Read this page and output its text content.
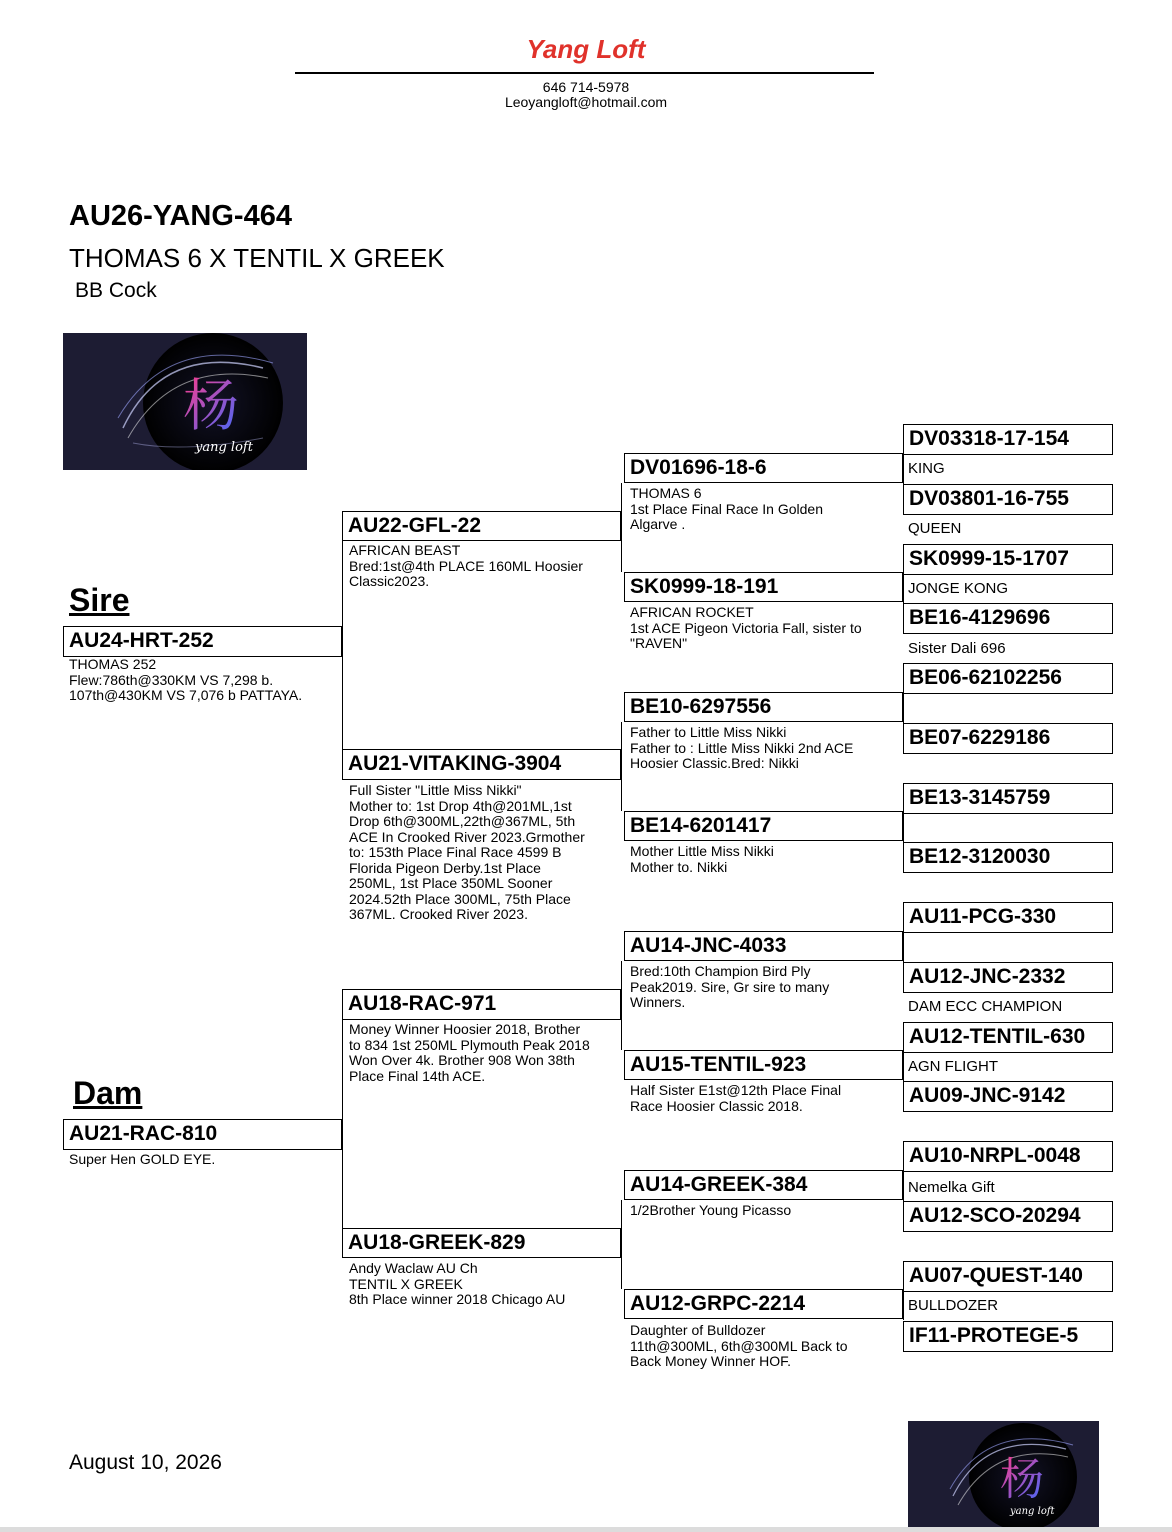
Yang Loft
646 714-5978
Leoyangloft@hotmail.com
AU26-YANG-464
THOMAS 6 X TENTIL X GREEK
BB Cock
杨
yang loft
Sire
Dam
AU24-HRT-252
THOMAS 252
Flew:786th@330KM VS 7,298 b.
107th@430KM VS 7,076 b PATTAYA.
AU21-RAC-810
Super Hen GOLD EYE.
AU22-GFL-22
AFRICAN BEAST
Bred:1st@4th PLACE 160ML Hoosier
Classic2023.
AU21-VITAKING-3904
Full Sister "Little Miss Nikki"
Mother to: 1st Drop 4th@201ML,1st
Drop 6th@300ML,22th@367ML, 5th
ACE In Crooked River 2023.Grmother
to: 153th Place Final Race 4599 B
Florida Pigeon Derby.1st Place
250ML, 1st Place 350ML Sooner
2024.52th Place 300ML, 75th Place
367ML. Crooked River 2023.
AU18-RAC-971
Money Winner Hoosier 2018, Brother
to 834 1st 250ML Plymouth Peak 2018
Won Over 4k. Brother 908 Won 38th
Place Final 14th ACE.
AU18-GREEK-829
Andy Waclaw AU Ch
TENTIL X GREEK
8th Place winner 2018 Chicago AU
DV01696-18-6
THOMAS 6
1st Place Final Race In Golden
Algarve .
SK0999-18-191
AFRICAN ROCKET
1st ACE Pigeon Victoria Fall, sister to
"RAVEN"
BE10-6297556
Father to Little Miss Nikki
Father to : Little Miss Nikki 2nd ACE
Hoosier Classic.Bred: Nikki
BE14-6201417
Mother Little Miss Nikki
Mother to. Nikki
AU14-JNC-4033
Bred:10th Champion Bird Ply
Peak2019. Sire, Gr sire to many
Winners.
AU15-TENTIL-923
Half Sister E1st@12th Place Final
Race Hoosier Classic 2018.
AU14-GREEK-384
1/2Brother Young Picasso
AU12-GRPC-2214
Daughter of Bulldozer
11th@300ML, 6th@300ML Back to
Back Money Winner HOF.
DV03318-17-154
KING
DV03801-16-755
QUEEN
SK0999-15-1707
JONGE KONG
BE16-4129696
Sister Dali 696
BE06-62102256
BE07-6229186
BE13-3145759
BE12-3120030
AU11-PCG-330
AU12-JNC-2332
DAM ECC CHAMPION
AU12-TENTIL-630
AGN FLIGHT
AU09-JNC-9142
AU10-NRPL-0048
Nemelka Gift
AU12-SCO-20294
AU07-QUEST-140
BULLDOZER
IF11-PROTEGE-5
August 10, 2026	杨
yang loft
